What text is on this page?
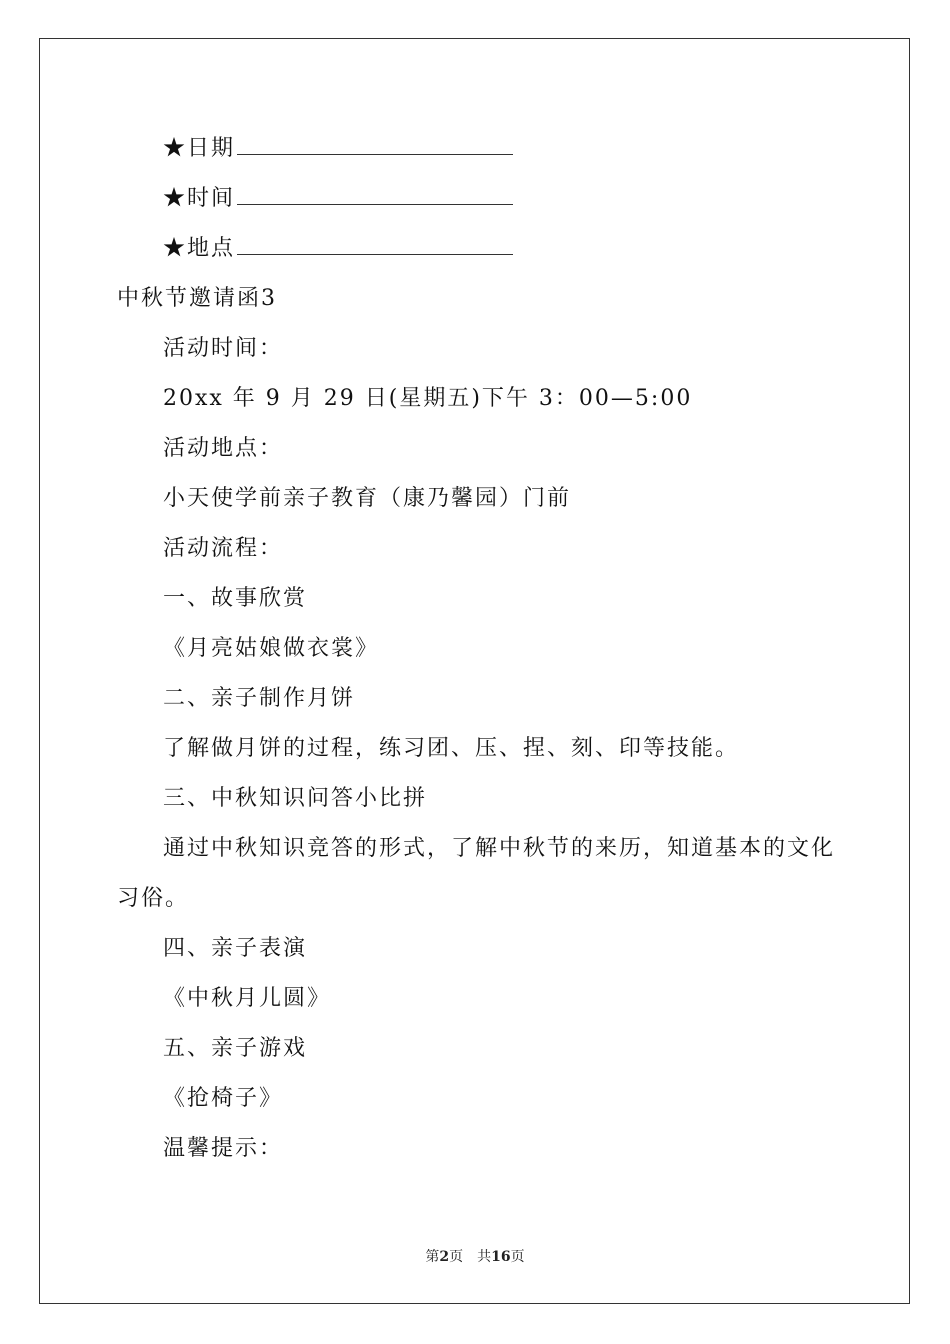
★日期
★时间
★地点
中秋节邀请函3
活动时间：
20xx 年 9 月 29 日(星期五)下午 3：00—5:00
活动地点：
小天使学前亲子教育（康乃馨园）门前
活动流程：
一、故事欣赏
《月亮姑娘做衣裳》
二、亲子制作月饼
了解做月饼的过程，练习团、压、捏、刻、印等技能。
三、中秋知识问答小比拼
通过中秋知识竞答的形式，了解中秋节的来历，知道基本的文化
习俗。
四、亲子表演
《中秋月儿圆》
五、亲子游戏
《抢椅子》
温馨提示：
第2页 共16页
